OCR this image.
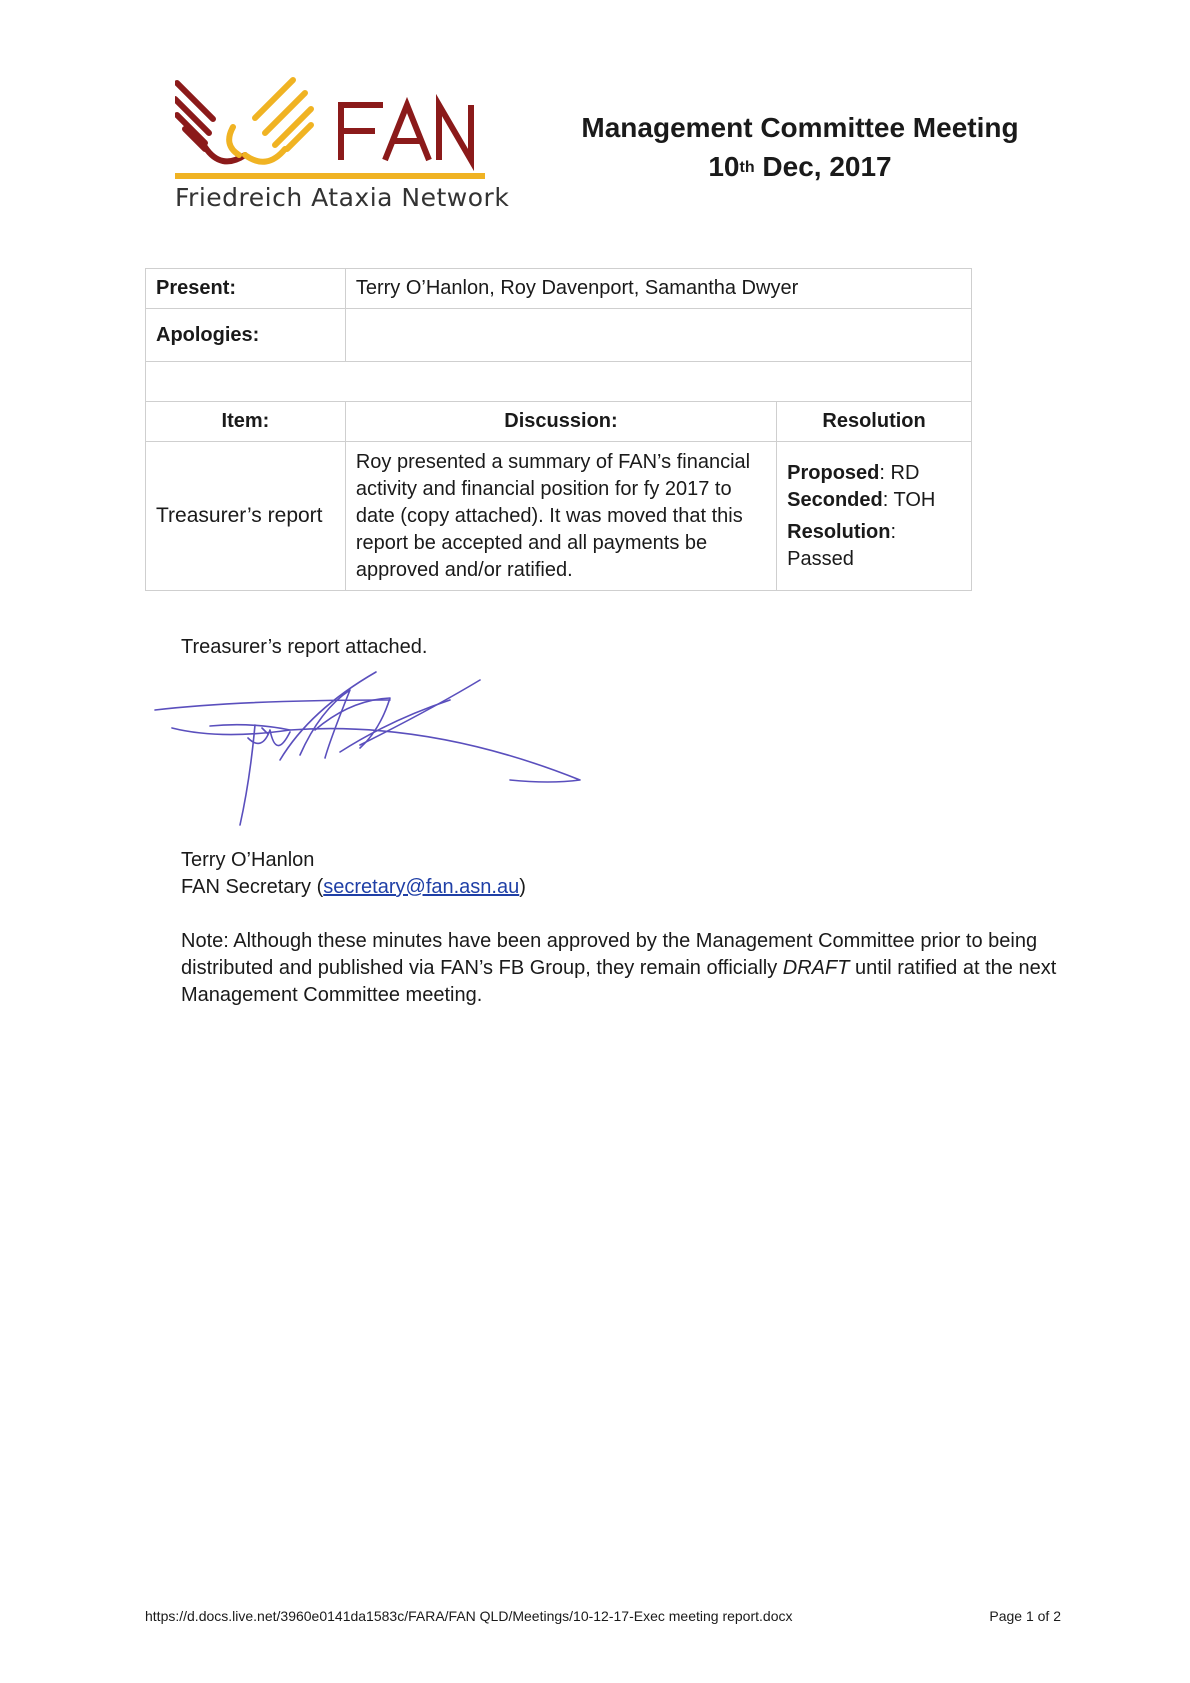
Friedreich Ataxia Network
Management Committee Meeting
10th Dec, 2017
Present:	Terry O’Hanlon, Roy Davenport, Samantha Dwyer	
Apologies:		

Item:	Discussion:	Resolution
Treasurer’s report	Roy presented a summary of FAN’s financial activity and financial position for fy 2017 to date (copy attached). It was moved that this report be accepted and all payments be approved and/or ratified.	Proposed: RD
Seconded: TOH
Resolution:
Passed
Treasurer’s report attached.
Terry O’Hanlon
FAN Secretary (secretary@fan.asn.au)
Note: Although these minutes have been approved by the Management Committee prior to being distributed and published via FAN’s FB Group, they remain officially DRAFT until ratified at the next Management Committee meeting.
https://d.docs.live.net/3960e0141da1583c/FARA/FAN QLD/Meetings/10-12-17-Exec meeting report.docx	Page 1 of 2
